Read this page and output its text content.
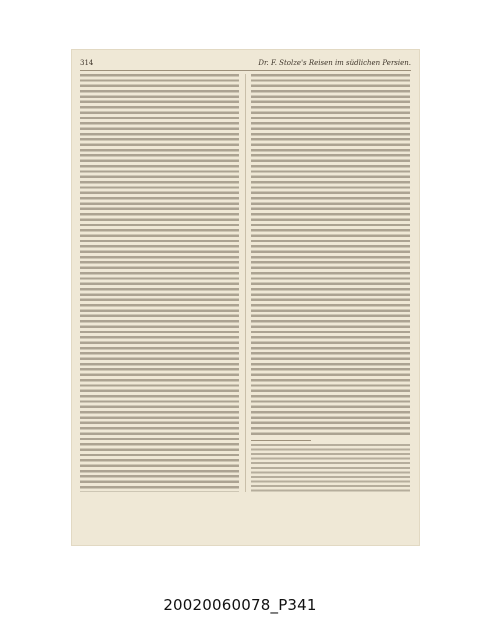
314	Dr. F. Stolze's Reisen im südlichen Persien.
20020060078_P341
